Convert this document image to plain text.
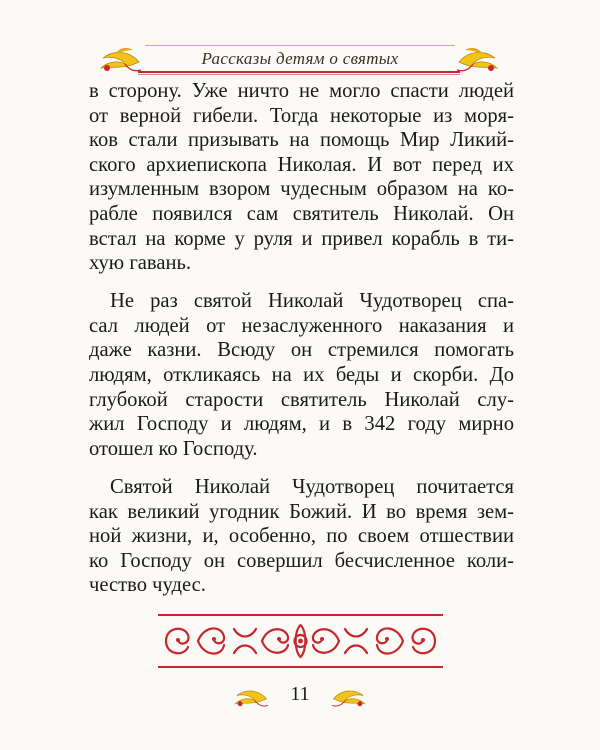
Рассказы детям о святых
в сторону. Уже ничто не могло спасти людей
от верной гибели. Тогда некоторые из моря-
ков стали призывать на помощь Мир Ликий-
ского архиепископа Николая. И вот перед их
изумленным взором чудесным образом на ко-
рабле появился сам святитель Николай. Он
встал на корме у руля и привел корабль в ти-
хую гавань.
Не раз святой Николай Чудотворец спа-
сал людей от незаслуженного наказания и
даже казни. Всюду он стремился помогать
людям, откликаясь на их беды и скорби. До
глубокой старости святитель Николай слу-
жил Господу и людям, и в 342 году мирно
отошел ко Господу.
Святой Николай Чудотворец почитается
как великий угодник Божий. И во время зем-
ной жизни, и, особенно, по своем отшествии
ко Господу он совершил бесчисленное коли-
чество чудес.
11
